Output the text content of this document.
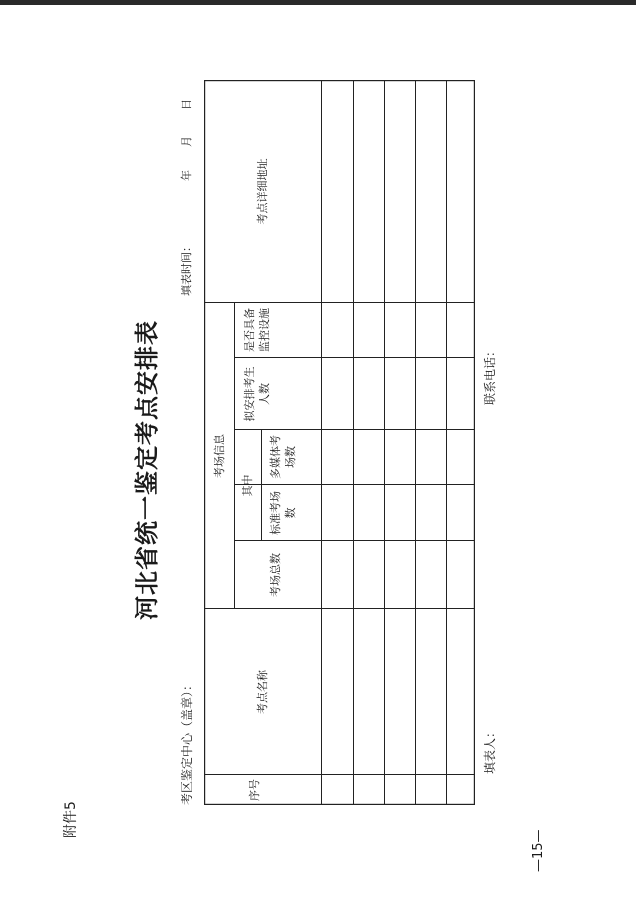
附件5
河北省统一鉴定考点安排表
考区鉴定中心（盖章）：
填表时间：
年
月
日
序号
考点名称
考场信息
考场总数
其中
标准考场数
多媒体考场数
拟安排考生人数
是否具备监控设施
考点详细地址
填表人：
联系电话：
—15—
